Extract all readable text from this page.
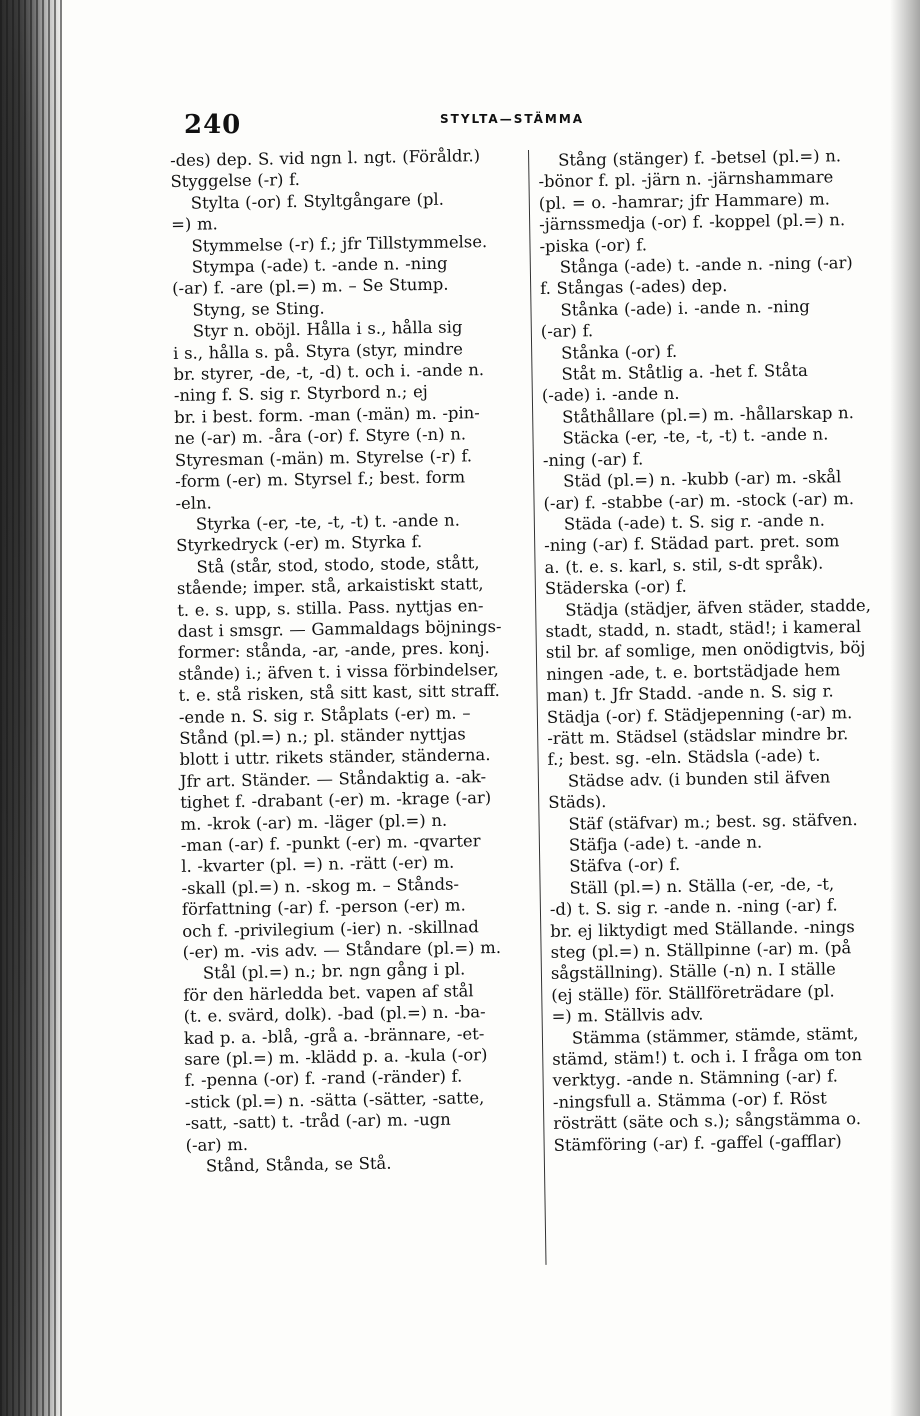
240	STYLTA—STÄMMA
-des) dep. S. vid ngn l. ngt. (Föråldr.)
Styggelse (-r) f.
Stylta (-or) f. Styltgångare (pl.
=) m.
Stymmelse (-r) f.; jfr Tillstymmelse.
Stympa (-ade) t. -ande n. -ning
(-ar) f. -are (pl.=) m. – Se Stump.
Styng, se Sting.
Styr n. oböjl. Hålla i s., hålla sig
i s., hålla s. på. Styra (styr, mindre
br. styrer, -de, -t, -d) t. och i. -ande n.
-ning f. S. sig r. Styrbord n.; ej
br. i best. form. -man (-män) m. -pin-
ne (-ar) m. -åra (-or) f. Styre (-n) n.
Styresman (-män) m. Styrelse (-r) f.
-form (-er) m. Styrsel f.; best. form
-eln.
Styrka (-er, -te, -t, -t) t. -ande n.
Styrkedryck (-er) m. Styrka f.
Stå (står, stod, stodo, stode, stått,
stående; imper. stå, arkaistiskt statt,
t. e. s. upp, s. stilla. Pass. nyttjas en-
dast i smsgr. — Gammaldags böjnings-
former: stånda, -ar, -ande, pres. konj.
stånde) i.; äfven t. i vissa förbindelser,
t. e. stå risken, stå sitt kast, sitt straff.
-ende n. S. sig r. Ståplats (-er) m. –
Stånd (pl.=) n.; pl. ständer nyttjas
blott i uttr. rikets ständer, ständerna.
Jfr art. Ständer. — Ståndaktig a. -ak-
tighet f. -drabant (-er) m. -krage (-ar)
m. -krok (-ar) m. -läger (pl.=) n.
-man (-ar) f. -punkt (-er) m. -qvarter
l. -kvarter (pl. =) n. -rätt (-er) m.
-skall (pl.=) n. -skog m. – Stånds-
författning (-ar) f. -person (-er) m.
och f. -privilegium (-ier) n. -skillnad
(-er) m. -vis adv. — Ståndare (pl.=) m.
Stål (pl.=) n.; br. ngn gång i pl.
för den härledda bet. vapen af stål
(t. e. svärd, dolk). -bad (pl.=) n. -ba-
kad p. a. -blå, -grå a. -brännare, -et-
sare (pl.=) m. -klädd p. a. -kula (-or)
f. -penna (-or) f. -rand (-ränder) f.
-stick (pl.=) n. -sätta (-sätter, -satte,
-satt, -satt) t. -tråd (-ar) m. -ugn
(-ar) m.
Stånd, Stånda, se Stå.
Stång (stänger) f. -betsel (pl.=) n.
-bönor f. pl. -järn n. -järnshammare
(pl. = o. -hamrar; jfr Hammare) m.
-järnssmedja (-or) f. -koppel (pl.=) n.
-piska (-or) f.
Stånga (-ade) t. -ande n. -ning (-ar)
f. Stångas (-ades) dep.
Stånka (-ade) i. -ande n. -ning
(-ar) f.
Stånka (-or) f.
Ståt m. Ståtlig a. -het f. Ståta
(-ade) i. -ande n.
Ståthållare (pl.=) m. -hållarskap n.
Stäcka (-er, -te, -t, -t) t. -ande n.
-ning (-ar) f.
Städ (pl.=) n. -kubb (-ar) m. -skål
(-ar) f. -stabbe (-ar) m. -stock (-ar) m.
Städa (-ade) t. S. sig r. -ande n.
-ning (-ar) f. Städad part. pret. som
a. (t. e. s. karl, s. stil, s-dt språk).
Städerska (-or) f.
Städja (städjer, äfven städer, stadde,
stadt, stadd, n. stadt, städ!; i kameral
stil br. af somlige, men onödigtvis, böj
ningen -ade, t. e. bortstädjade hem
man) t. Jfr Stadd. -ande n. S. sig r.
Städja (-or) f. Städjepenning (-ar) m.
-rätt m. Städsel (städslar mindre br.
f.; best. sg. -eln. Städsla (-ade) t.
Städse adv. (i bunden stil äfven
Städs).
Stäf (stäfvar) m.; best. sg. stäfven.
Stäfja (-ade) t. -ande n.
Stäfva (-or) f.
Ställ (pl.=) n. Ställa (-er, -de, -t,
-d) t. S. sig r. -ande n. -ning (-ar) f.
br. ej liktydigt med Ställande. -nings
steg (pl.=) n. Ställpinne (-ar) m. (på
sågställning). Ställe (-n) n. I ställe
(ej ställe) för. Ställföreträdare (pl.
=) m. Ställvis adv.
Stämma (stämmer, stämde, stämt,
stämd, stäm!) t. och i. I fråga om ton
verktyg. -ande n. Stämning (-ar) f.
-ningsfull a. Stämma (-or) f. Röst
rösträtt (säte och s.); sångstämma o.
Stämföring (-ar) f. -gaffel (-gafflar)
